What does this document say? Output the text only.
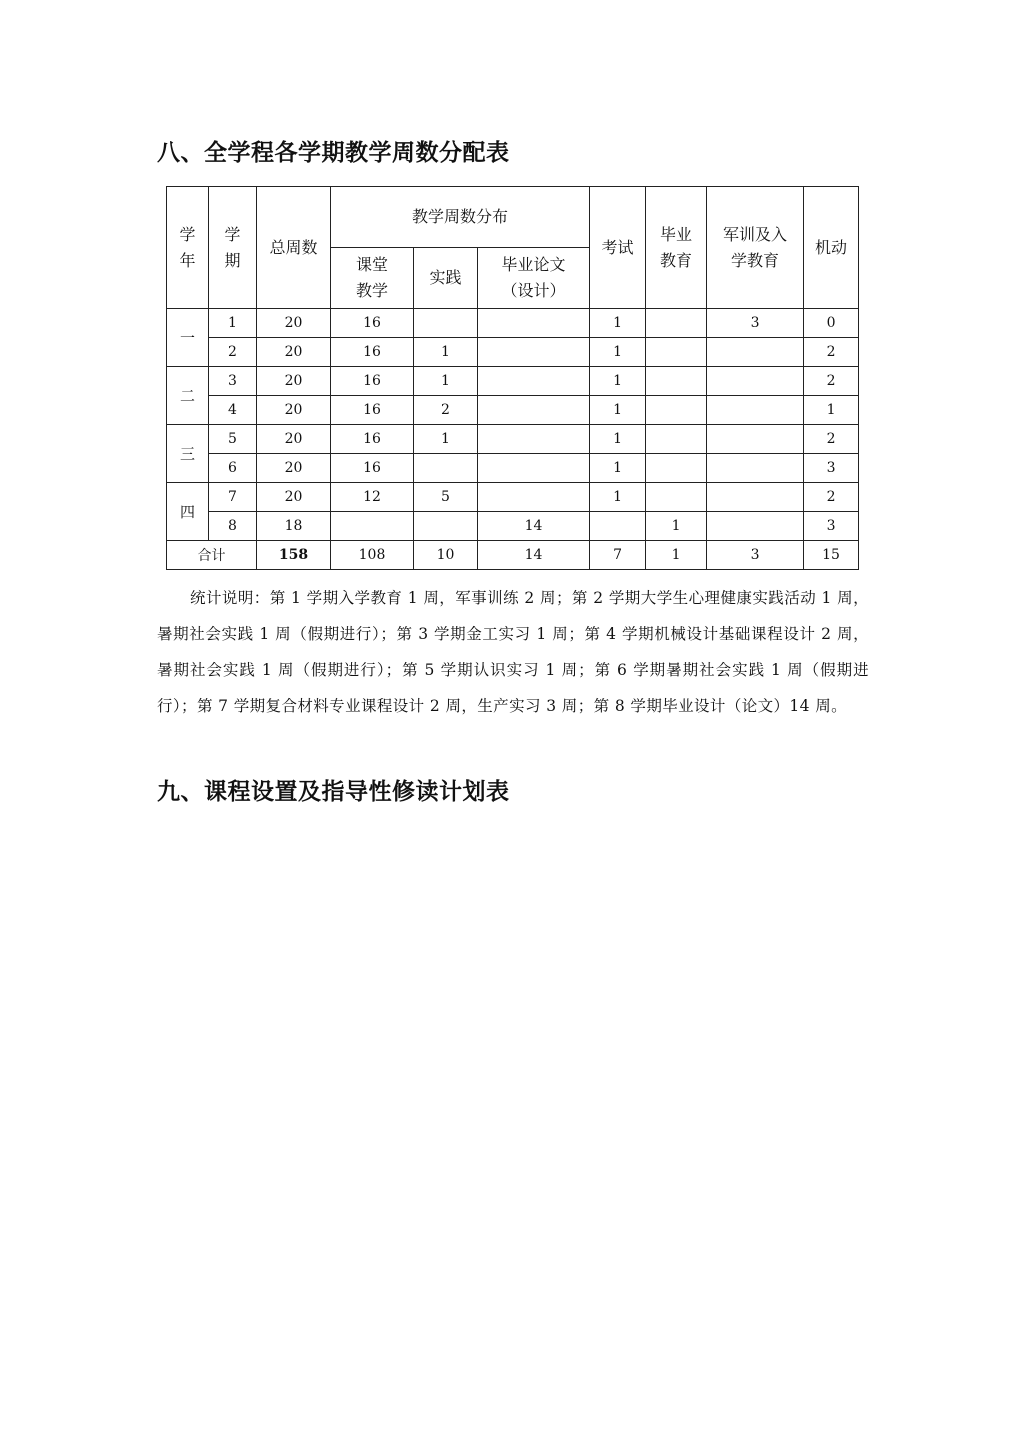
八、全学程各学期教学周数分配表
学年	学期	总周数	教学周数分布			考试	毕业教育	军训及入学教育	机动
			课堂教学	实践	毕业论文（设计）				
一	1	20	16			1		3	0
	2	20	16	1		1			2
二	3	20	16	1		1			2
	4	20	16	2		1			1
三	5	20	16	1		1			2
	6	20	16			1			3
四	7	20	12	5		1			2
	8	18			14		1		3
合计		158	108	10	14	7	1	3	15

统计说明：第 1 学期入学教育 1 周，军事训练 2 周；第 2 学期大学生心理健康实践活动 1 周，暑期社会实践 1 周（假期进行）；第 3 学期金工实习 1 周；第 4 学期机械设计基础课程设计 2 周，暑期社会实践 1 周（假期进行）；第 5 学期认识实习 1 周；第 6 学期暑期社会实践 1 周（假期进行）；第 7 学期复合材料专业课程设计 2 周，生产实习 3 周；第 8 学期毕业设计（论文）14 周。

九、课程设置及指导性修读计划表
